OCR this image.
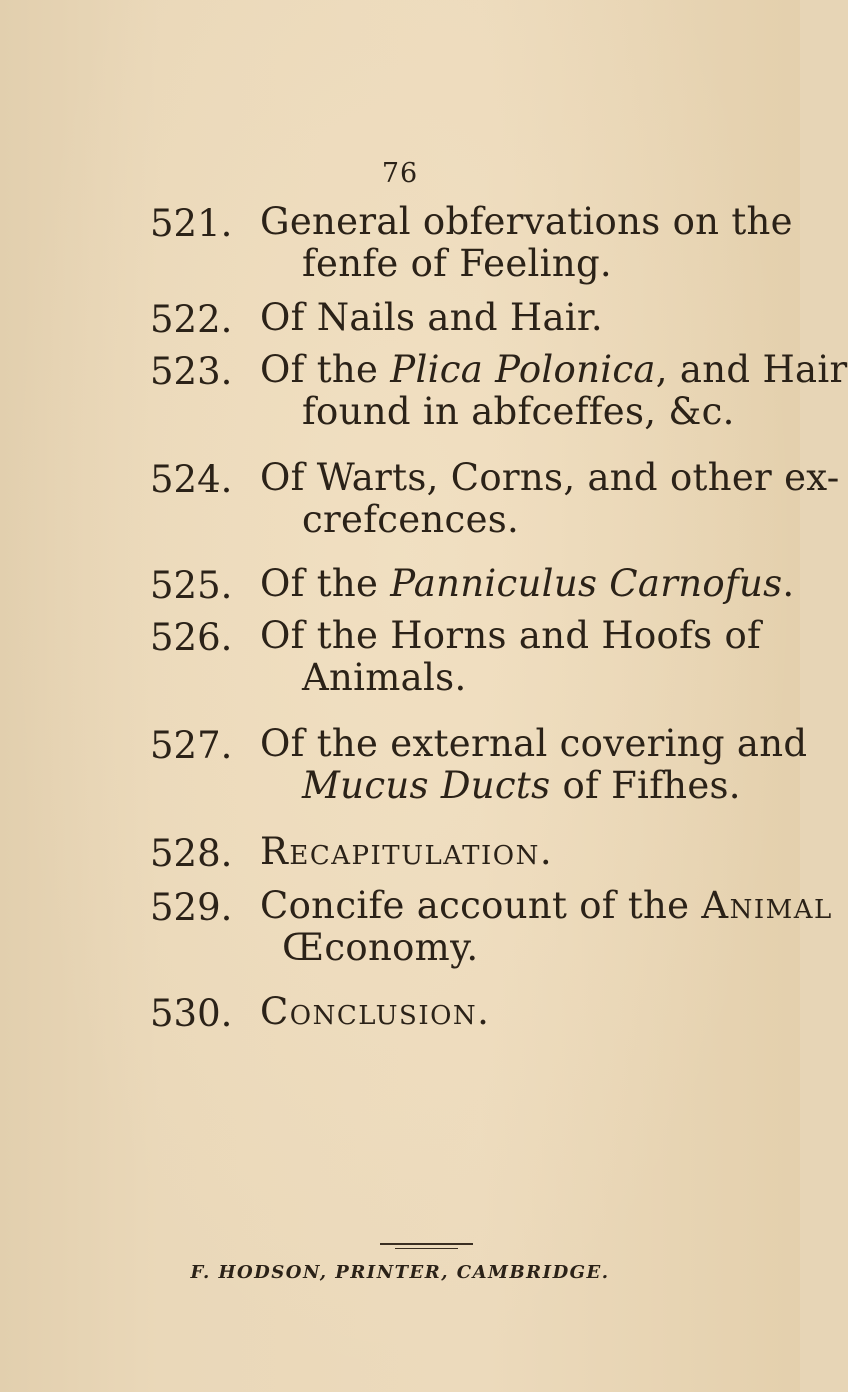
76
521. General obfervations on the
fenfe of Feeling.
522. Of Nails and Hair.
523. Of the Plica Polonica, and Hair
found in abfceffes, &c.
524. Of Warts, Corns, and other ex-
crefcences.
525. Of the Panniculus Carnofus.
526. Of the Horns and Hoofs of
Animals.
527. Of the external covering and
Mucus Ducts of Fifhes.
528. Recapitulation.
529. Concife account of the Animal
Œconomy.
530. Conclusion.
F. HODSON, PRINTER, CAMBRIDGE.
